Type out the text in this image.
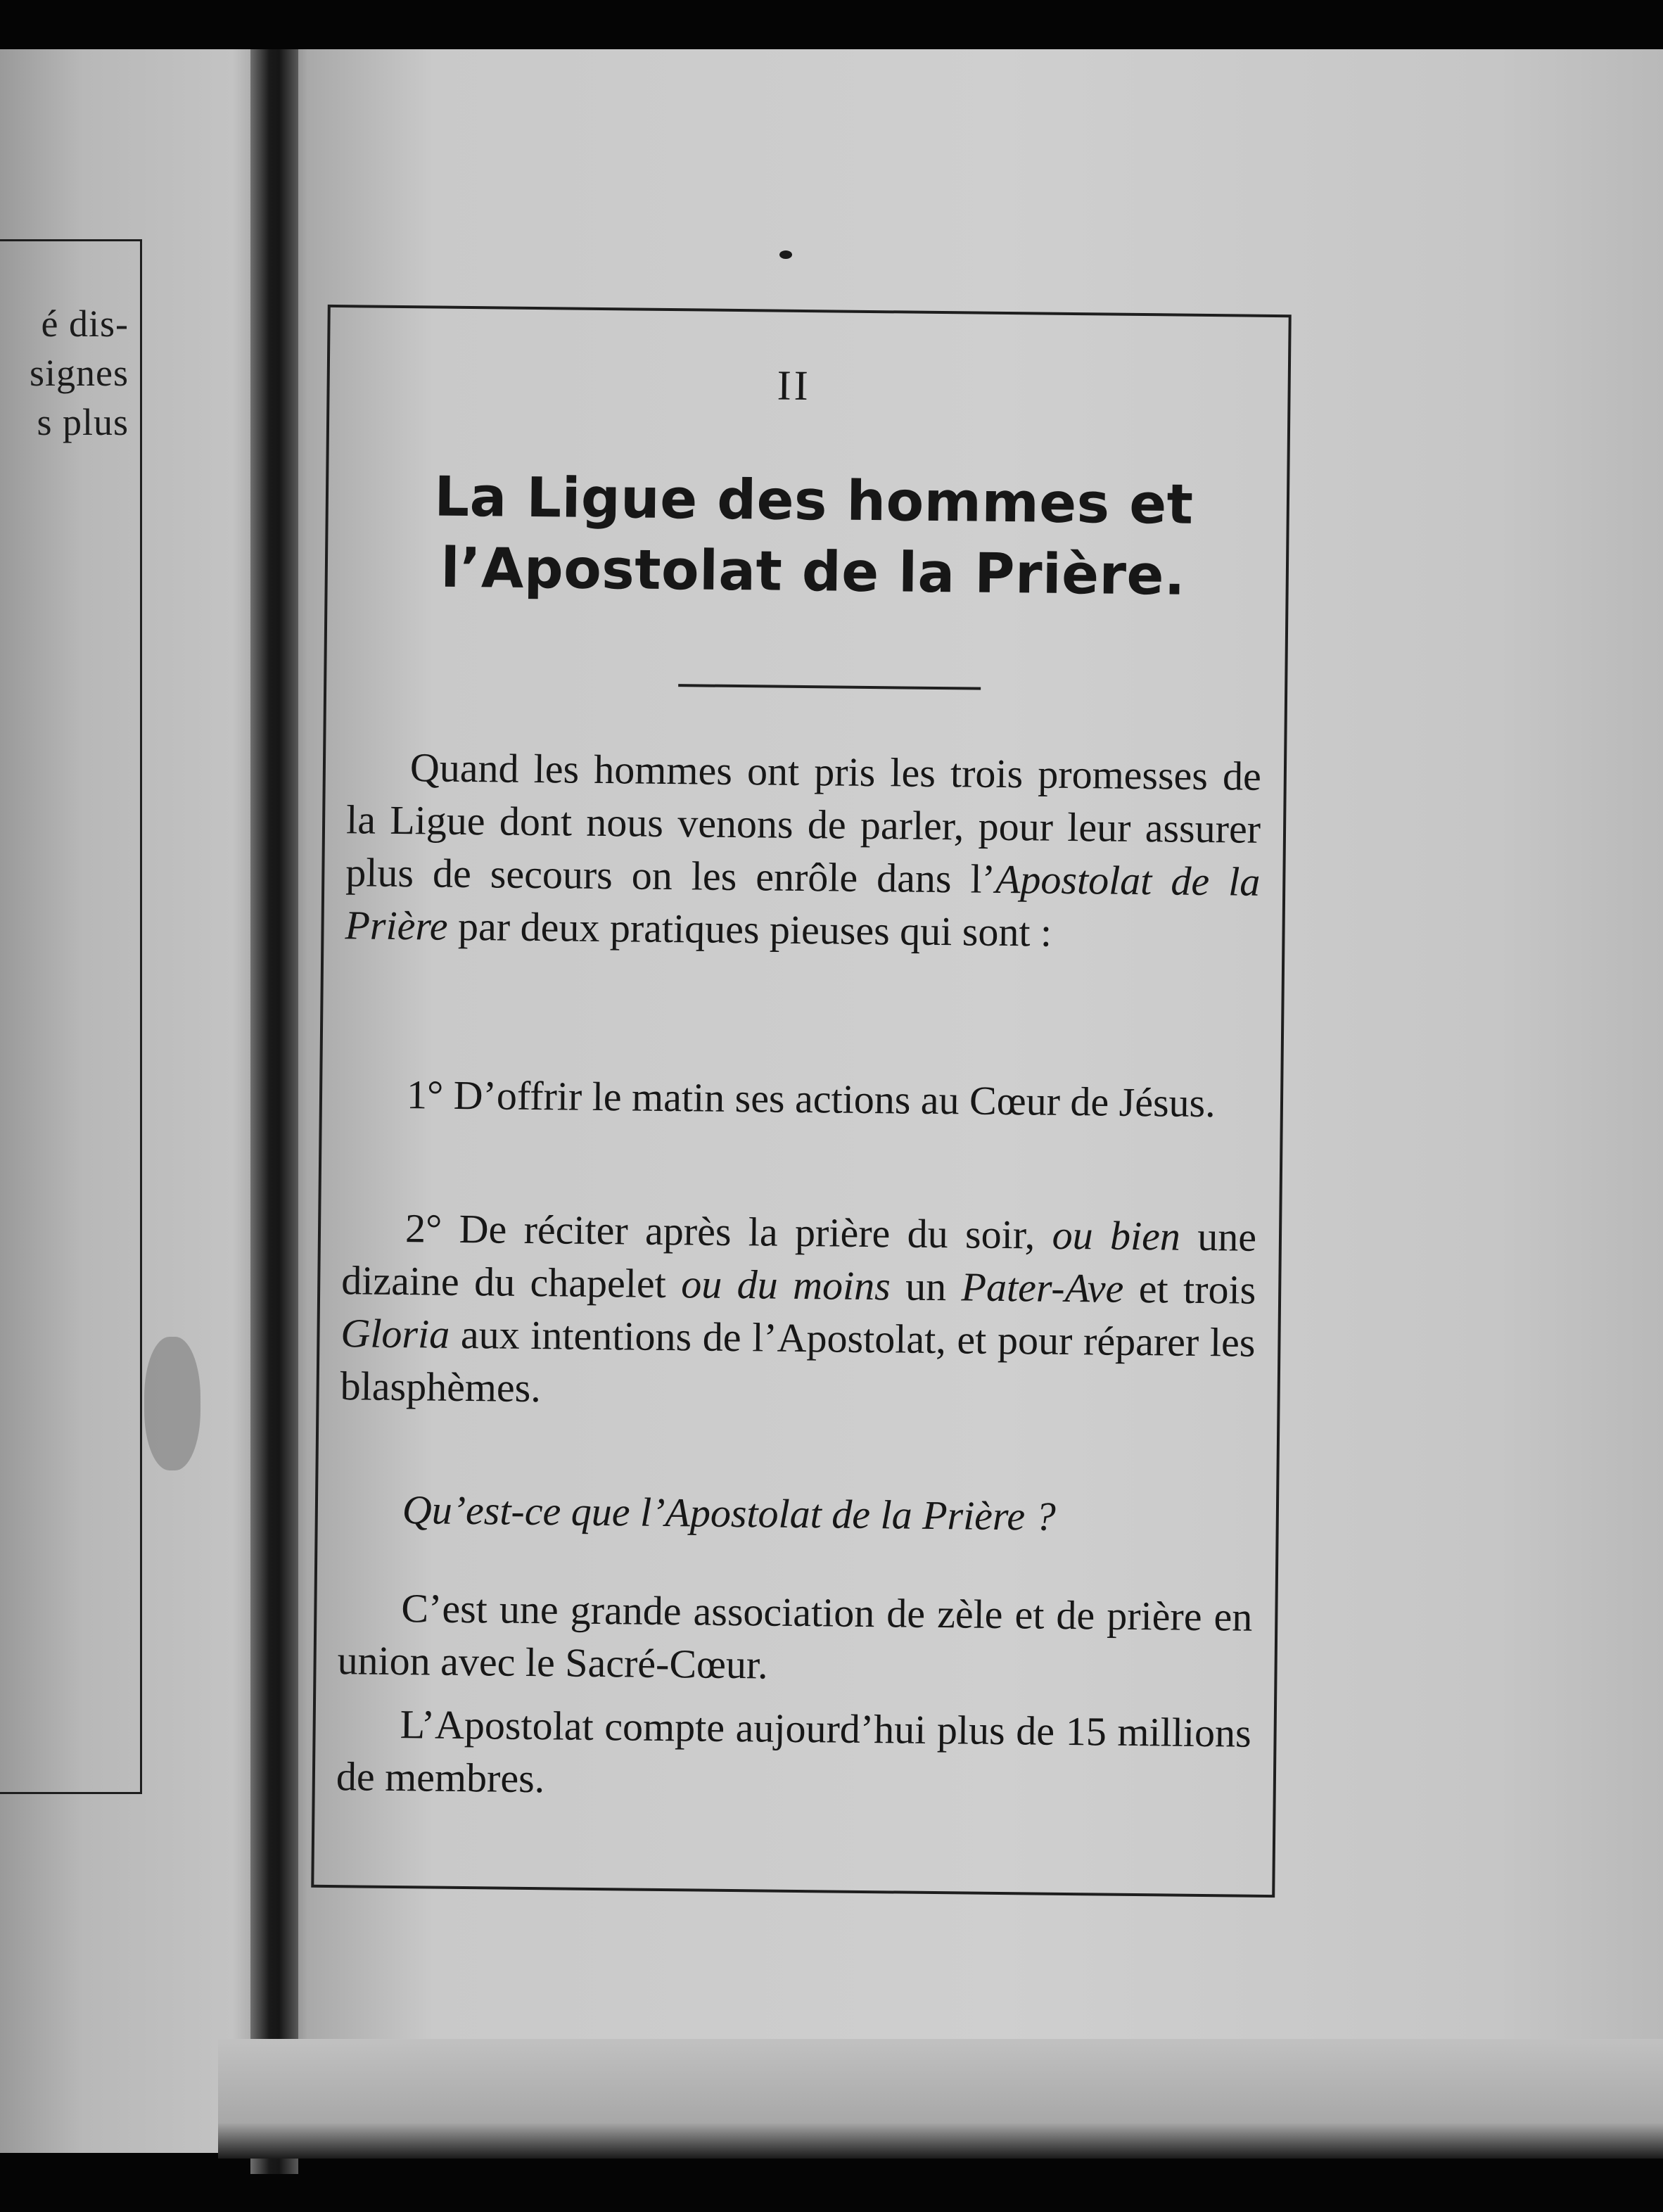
é dis-
signes
s plus
II
La Ligue des hommes et l’Apostolat de la Prière.
Quand les hommes ont pris les trois promesses de la Ligue dont nous venons de parler, pour leur assurer plus de secours on les enrôle dans l’Apostolat de la Prière par deux pratiques pieuses qui sont :
1° D’offrir le matin ses actions au Cœur de Jésus.
2° De réciter après la prière du soir, ou bien une dizaine du chapelet ou du moins un Pater-Ave et trois Gloria aux intentions de l’Apostolat, et pour réparer les blasphèmes.
Qu’est-ce que l’Apostolat de la Prière ?
C’est une grande association de zèle et de prière en union avec le Sacré-Cœur.
L’Apostolat compte aujourd’hui plus de 15 millions de membres.
